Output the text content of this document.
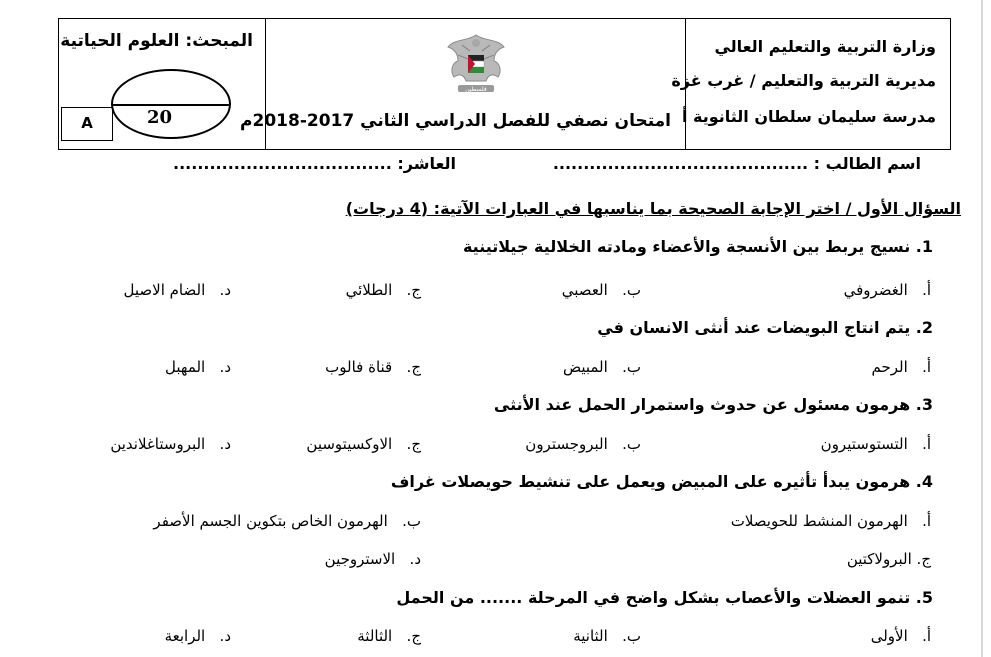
المبحث: العلوم الحياتية
20
A
فلسطين
امتحان نصفي للفصل الدراسي الثاني 2017-2018م
وزارة التربية والتعليم العالي
مديرية التربية والتعليم / غرب غزة
مدرسة سليمان سلطان الثانوية أ
اسم الطالب : ..........................................
العاشر: ....................................
السؤال الأول / اختر الإجابة الصحيحة بما يناسبها في العبارات الآتية: (4 درجات)
1. نسيج يربط بين الأنسجة والأعضاء ومادته الخلالية جيلاتينية
أ.   الغضروفي
ب.   العصبي
ج.   الطلائي
د.   الضام الاصيل
2. يتم انتاج البويضات عند أنثى الانسان في
أ.   الرحم
ب.   المبيض
ج.   قناة فالوب
د.   المهبل
3. هرمون مسئول عن حدوث واستمرار الحمل عند الأنثى
أ.   التستوستيرون
ب.   البروجسترون
ج.   الاوكسيتوسين
د.   البروستاغلاندين
4. هرمون يبدأ تأثيره على المبيض ويعمل على تنشيط حويصلات غراف
أ.   الهرمون المنشط للحويصلات
ب.   الهرمون الخاص بتكوين الجسم الأصفر
ج. البرولاكتين
د.   الاستروجين
5. تنمو العضلات والأعصاب بشكل واضح في المرحلة ....... من الحمل
أ.   الأولى
ب.   الثانية
ج.   الثالثة
د.   الرابعة
